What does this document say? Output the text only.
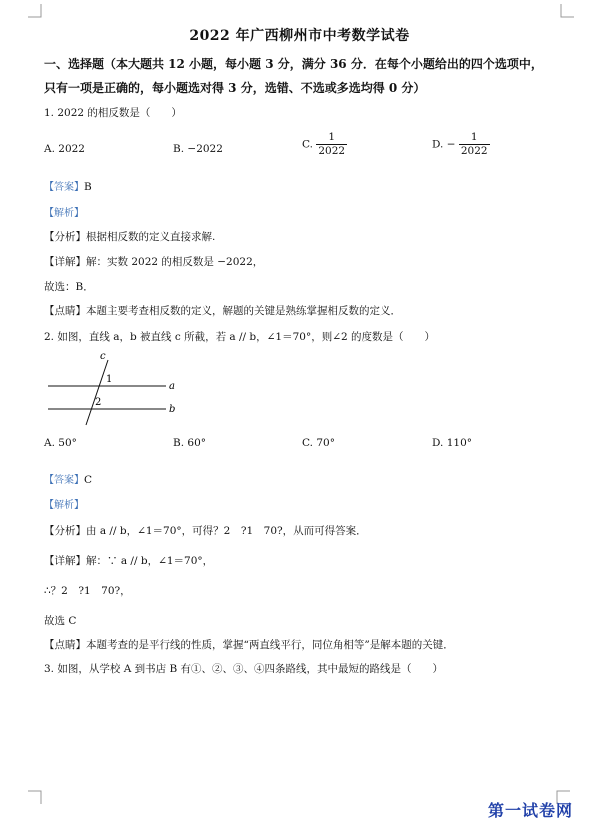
2022 年广西柳州市中考数学试卷
一、选择题（本大题共 12 小题，每小题 3 分，满分 36 分．在每个小题给出的四个选项中，
只有一项是正确的，每小题选对得 3 分，选错、不选或多选均得 0 分）
1. 2022 的相反数是（　　）
A. 2022	B. −2022	C. $\frac{1}{2022}$	D. − $\frac{1}{2022}$
【答案】B
【解析】
【分析】根据相反数的定义直接求解.
【详解】解：实数 2022 的相反数是 −2022，
故选：B．
【点睛】本题主要考查相反数的定义，解题的关键是熟练掌握相反数的定义．
2. 如图，直线 a，b 被直线 c 所截，若 a // b，∠1＝70°，则∠2 的度数是（　　）
c
a
b
1
2
A. 50°	B. 60°	C. 70°	D. 110°
【答案】C
【解析】
【分析】由 a // b，∠1＝70°，可得？2　?1　70?，从而可得答案．
【详解】解：∵ a // b，∠1＝70°，
∴？2　?1　70?，
故选 C
【点睛】本题考查的是平行线的性质，掌握“两直线平行，同位角相等”是解本题的关键．
3. 如图，从学校 A 到书店 B 有①、②、③、④四条路线，其中最短的路线是（　　）
第一试卷网
